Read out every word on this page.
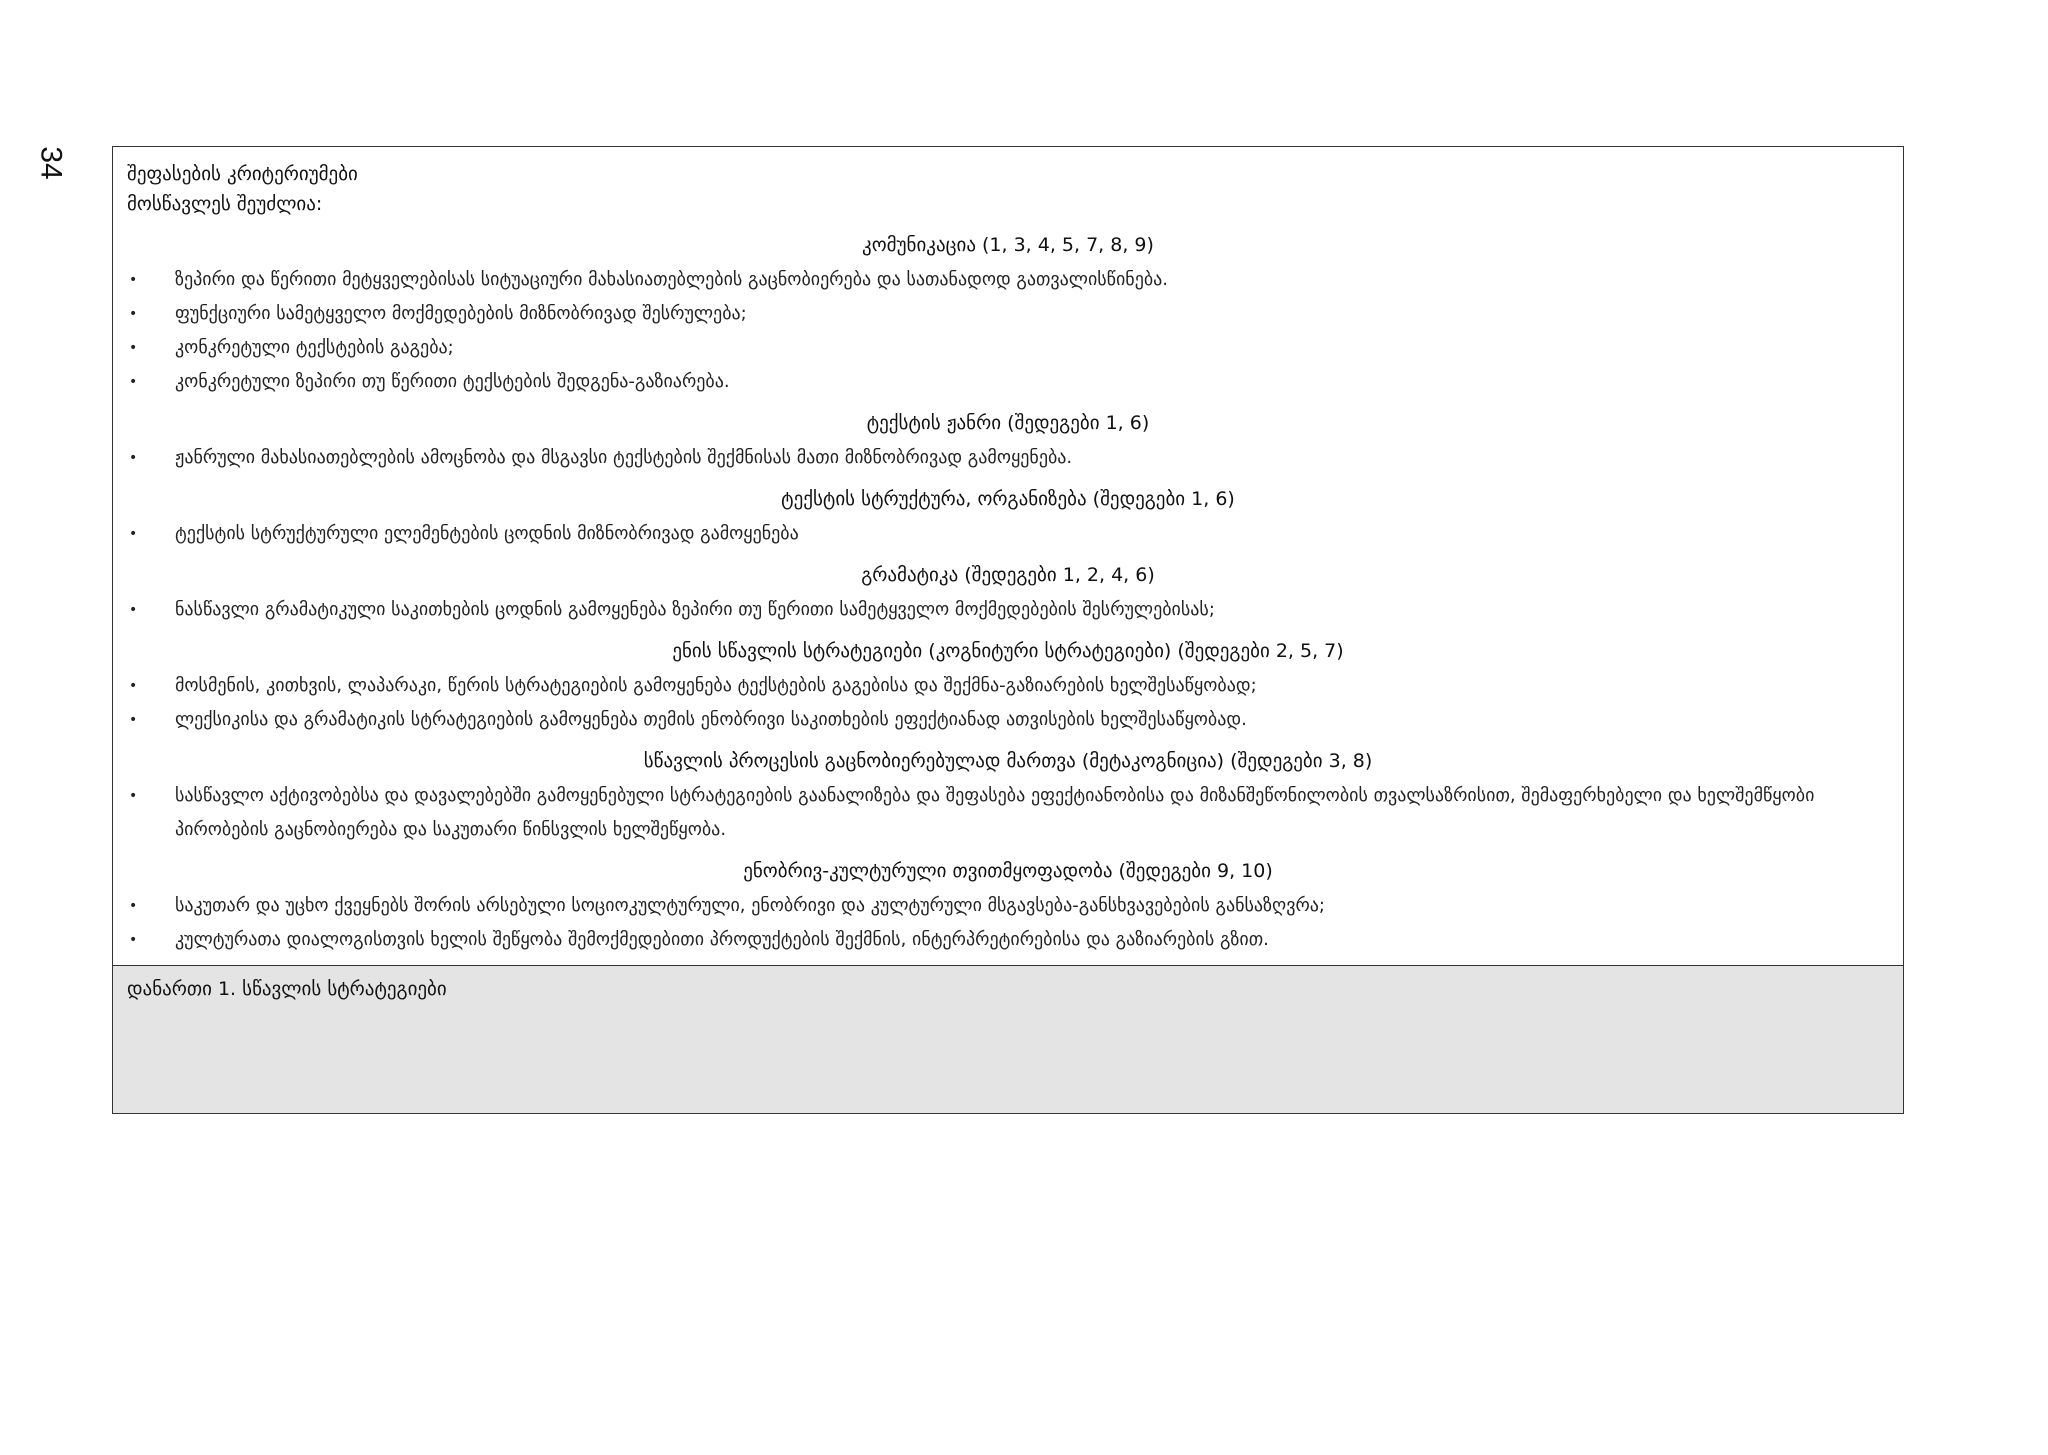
34	შეფასების კრიტერიუმები
მოსწავლეს შეუძლია:
კომუნიკაცია (1, 3, 4, 5, 7, 8, 9)
• ზეპირი და წერითი მეტყველებისას სიტუაციური მახასიათებლების გაცნობიერება და სათანადოდ გათვალისწინება.
• ფუნქციური სამეტყველო მოქმედებების მიზნობრივად შესრულება;
• კონკრეტული ტექსტების გაგება;
• კონკრეტული ზეპირი თუ წერითი ტექსტების შედგენა-გაზიარება.
ტექსტის ჟანრი (შედეგები 1, 6)
• ჟანრული მახასიათებლების ამოცნობა და მსგავსი ტექსტების შექმნისას მათი მიზნობრივად გამოყენება.
ტექსტის სტრუქტურა, ორგანიზება (შედეგები 1, 6)
• ტექსტის სტრუქტურული ელემენტების ცოდნის მიზნობრივად გამოყენება
გრამატიკა (შედეგები 1, 2, 4, 6)
• ნასწავლი გრამატიკული საკითხების ცოდნის გამოყენება ზეპირი თუ წერითი სამეტყველო მოქმედებების შესრულებისას;
ენის სწავლის სტრატეგიები (კოგნიტური სტრატეგიები) (შედეგები 2, 5, 7)
• მოსმენის, კითხვის, ლაპარაკი, წერის სტრატეგიების გამოყენება ტექსტების გაგებისა და შექმნა-გაზიარების ხელშესაწყობად;
• ლექსიკისა და გრამატიკის სტრატეგიების გამოყენება თემის ენობრივი საკითხების ეფექტიანად ათვისების ხელშესაწყობად.
სწავლის პროცესის გაცნობიერებულად მართვა (მეტაკოგნიცია) (შედეგები 3, 8)
• სასწავლო აქტივობებსა და დავალებებში გამოყენებული სტრატეგიების გაანალიზება და შეფასება ეფექტიანობისა და მიზანშეწონილობის თვალსაზრისით, შემაფერხებელი და ხელშემწყობი პირობების გაცნობიერება და საკუთარი წინსვლის ხელშეწყობა.
ენობრივ-კულტურული თვითმყოფადობა (შედეგები 9, 10)
• საკუთარ და უცხო ქვეყნებს შორის არსებული სოციოკულტურული, ენობრივი და კულტურული მსგავსება-განსხვავებების განსაზღვრა;
• კულტურათა დიალოგისთვის ხელის შეწყობა შემოქმედებითი პროდუქტების შექმნის, ინტერპრეტირებისა და გაზიარების გზით.
დანართი 1. სწავლის სტრატეგიები
